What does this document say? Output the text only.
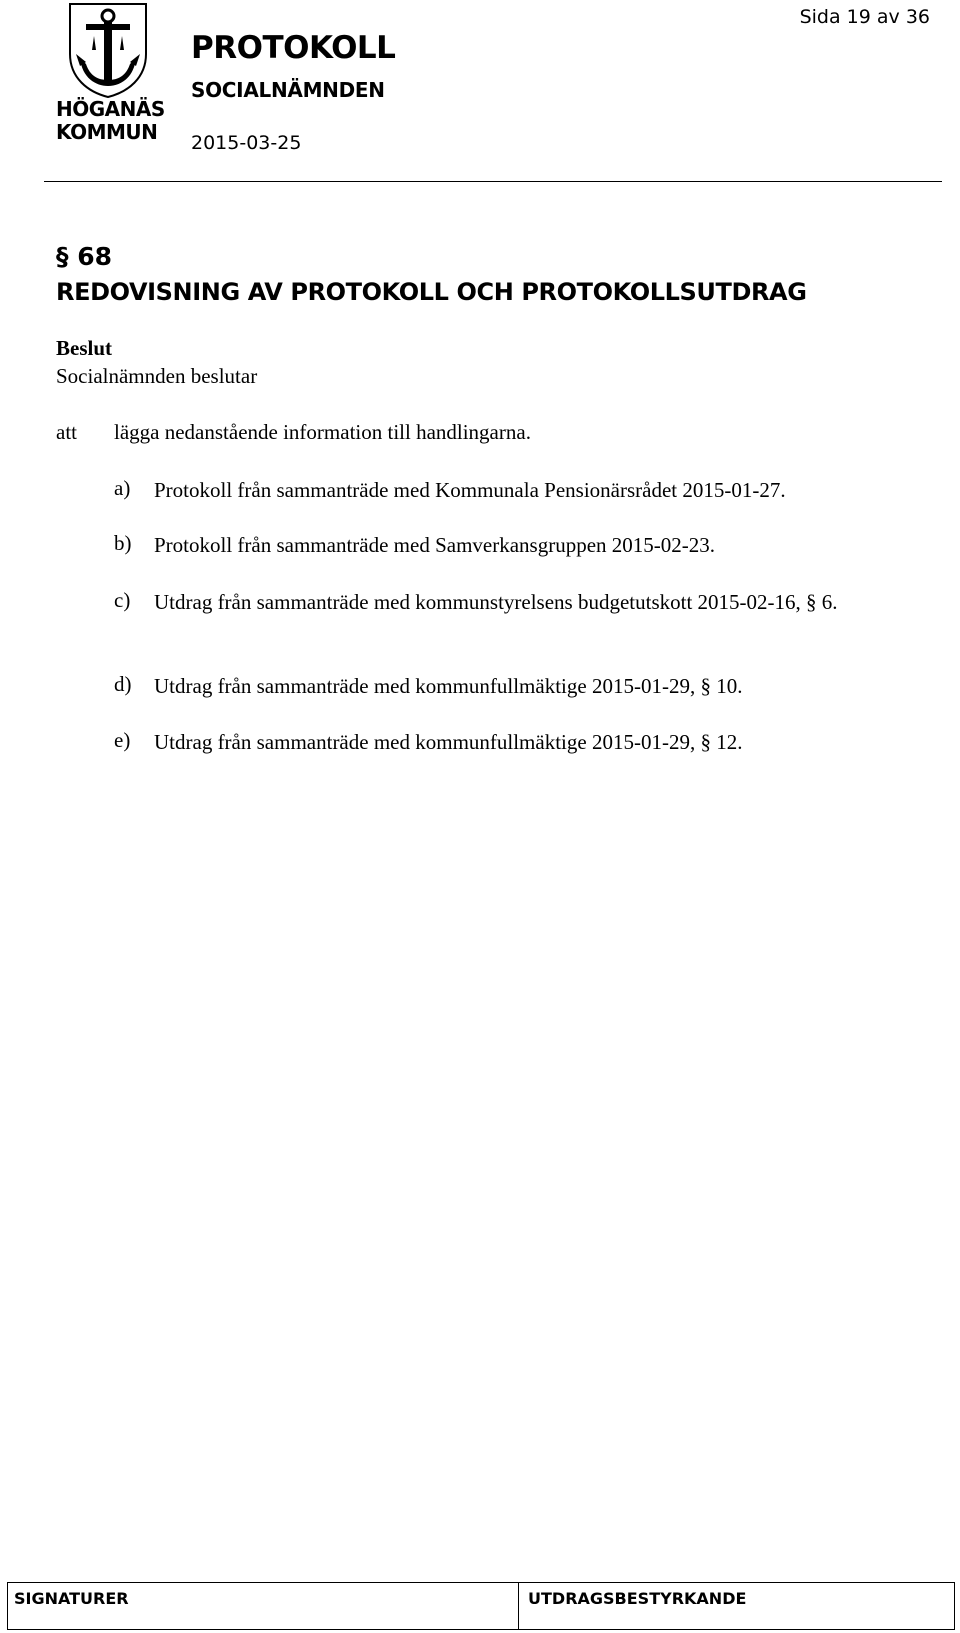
HÖGANÄS
KOMMUN
PROTOKOLL
SOCIALNÄMNDEN
2015-03-25
Sida 19 av 36
§ 68
REDOVISNING AV PROTOKOLL OCH PROTOKOLLSUTDRAG
Beslut
Socialnämnden beslutar
att lägga nedanstående information till handlingarna.
a) Protokoll från sammanträde med Kommunala Pensionärsrådet 2015-01-27.
b) Protokoll från sammanträde med Samverkansgruppen 2015-02-23.
c) Utdrag från sammanträde med kommunstyrelsens budgetutskott 2015-02-16, § 6.
d) Utdrag från sammanträde med kommunfullmäktige 2015-01-29, § 10.
e) Utdrag från sammanträde med kommunfullmäktige 2015-01-29, § 12.
SIGNATURER	UTDRAGSBESTYRKANDE
